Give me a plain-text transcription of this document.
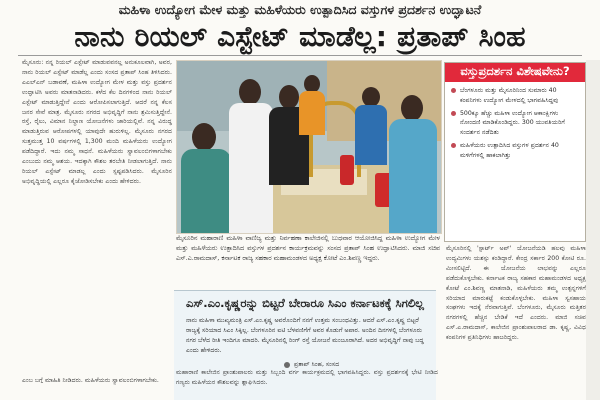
ಮಹಿಳಾ ಉದ್ಯೋಗ ಮೇಳ ಮತ್ತು ಮಹಿಳೆಯರು ಉತ್ಪಾದಿಸಿದ ವಸ್ತುಗಳ ಪ್ರದರ್ಶನ ಉದ್ಘಾಟನೆ
ನಾನು ರಿಯಲ್ ಎಸ್ಟೇಟ್ ಮಾಡೆಲ್ಲ: ಪ್ರತಾಪ್ ಸಿಂಹ
ಮೈಸೂರು: ನನ್ನ ರಿಯಲ್ ಎಸ್ಟೇಟ್ ಮಾಡುವವನಲ್ಲ ಅನುಕೂಲವಾಗಿ, ಅವರ, ನಾನು ರಿಯಲ್ ಎಸ್ಟೇಟ್ ಮಾಡೆಲ್ಲ ಎಂದು ಸಂಸದ ಪ್ರತಾಪ್ ಸಿಂಹ ತಿಳಿಸಿದರು. ಎಎಲ್‌ಎನ್ ಬಡಾವಣೆ, ಮಹಿಳಾ ಉದ್ಯೋಗ ಮೇಳ ಮತ್ತು ವಸ್ತು ಪ್ರದರ್ಶನ ಉದ್ಘಾಟಿಸಿ ಅವರು ಮಾತನಾಡಿದರು. ಕಳೆದ ಕೆಲ ದಿನಗಳಿಂದ ನಾನು ರಿಯಲ್ ಎಸ್ಟೇಟ್ ಮಾಡುತ್ತಿದ್ದೇನೆ ಎಂದು ಆರೋಪಿಸಲಾಗುತ್ತಿದೆ. ಆದರೆ ನನ್ನ ಕೆಲಸ ಜನರ ಸೇವೆ ಮಾತ್ರ. ಮೈಸೂರು ನಗರದ ಅಭಿವೃದ್ಧಿಗೆ ನಾನು ಶ್ರಮಿಸುತ್ತಿದ್ದೇನೆ. ರಸ್ತೆ, ರೈಲು, ವಿಮಾನ ನಿಲ್ದಾಣ ಯೋಜನೆಗಳು ಜಾರಿಯಲ್ಲಿವೆ. ನನ್ನ ವಿರುದ್ಧ ಮಾಡುತ್ತಿರುವ ಆರೋಪಗಳಲ್ಲಿ ಯಾವುದೇ ಹುರುಳಿಲ್ಲ. ಮೈಸೂರು ನಗರದ ಸುತ್ತಮುತ್ತ 10 ವರ್ಷಗಳಲ್ಲಿ 1,300 ಮಂದಿ ಮಹಿಳೆಯರು ಉದ್ಯೋಗ ಪಡೆದಿದ್ದಾರೆ. ಇದು ನಮ್ಮ ಸಾಧನೆ. ಮಹಿಳೆಯರು ಸ್ವಾವಲಂಬಿಗಳಾಗಬೇಕು ಎಂಬುದು ನಮ್ಮ ಆಶಯ. ಇದಕ್ಕಾಗಿ ಕೌಶಲ ತರಬೇತಿ ನೀಡಲಾಗುತ್ತಿದೆ. ನಾನು ರಿಯಲ್ ಎಸ್ಟೇಟ್ ಮಾಡಲ್ಲ ಎಂದು ಸ್ಪಷ್ಟಪಡಿಸಿದರು. ಮೈಸೂರಿನ ಅಭಿವೃದ್ಧಿಯಲ್ಲಿ ಎಲ್ಲರೂ ಕೈಜೋಡಿಸಬೇಕು ಎಂದು ಹೇಳಿದರು.
ಎಂಬ ಬಗ್ಗೆ ಮಾಹಿತಿ ನೀಡಿದರು. ಮಹಿಳೆಯರು ಸ್ವಾವಲಂಬಿಗಳಾಗಬೇಕು.
ಮೈಸೂರಿನ ಮಹಾರಾಣಿ ಮಹಿಳಾ ವಾಣಿಜ್ಯ ಮತ್ತು ನಿರ್ವಹಣಾ ಕಾಲೇಜಿನಲ್ಲಿ ಬುಧವಾರ ಆಯೋಜಿಸಿದ್ದ ಮಹಿಳಾ ಉದ್ಯೋಗ ಮೇಳ ಮತ್ತು ಮಹಿಳೆಯರು ಉತ್ಪಾದಿಸಿದ ವಸ್ತುಗಳ ಪ್ರದರ್ಶನ ಕಾರ್ಯಕ್ರಮವನ್ನು ಸಂಸದ ಪ್ರತಾಪ್ ಸಿಂಹ ಉದ್ಘಾಟಿಸಿದರು. ಮಾಜಿ ಸಚಿವ ಎಸ್.ಎ.ರಾಮದಾಸ್, ಕರ್ನಾಟಕ ರಾಜ್ಯ ಸಹಕಾರ ಮಹಾಮಂಡಳದ ಅಧ್ಯಕ್ಷ ಕೋಟೆ ಎಂ.ಶಿವಣ್ಣ ಇದ್ದರು.
ವಸ್ತುಪ್ರದರ್ಶನ ವಿಶೇಷವೇನು?
ಬೆಂಗಳೂರು ಮತ್ತು ಮೈಸೂರಿನಿಂದ ಸುಮಾರು 40 ಕಂಪನಿಗಳು ಉದ್ಯೋಗ ಮೇಳದಲ್ಲಿ ಭಾಗವಹಿಸಿದ್ದವು
500ಕ್ಕೂ ಹೆಚ್ಚು ಮಹಿಳಾ ಉದ್ಯೋಗ ಆಕಾಂಕ್ಷಿಗಳು ನೋಂದಣಿ ಮಾಡಿಕೊಂಡಿದ್ದರು. 300 ಯುವತಿಯರಿಗೆ ಸಂದರ್ಶನ ನಡೆದಿತು
ಮಹಿಳೆಯರು ಉತ್ಪಾದಿಸಿದ ವಸ್ತುಗಳ ಪ್ರದರ್ಶನ 40 ಮಳಿಗೆಗಳಲ್ಲಿ ಹಾಕಲಾಗಿತ್ತು
ಎಸ್.ಎಂ.ಕೃಷ್ಣರನ್ನು ಬಿಟ್ಟರೆ ಬೇರಾರೂ ಸಿಎಂ ಕರ್ನಾಟಕಕ್ಕೆ ಸಿಗಲಿಲ್ಲ
ನಾನು ಮಹಿಳಾ ಮುಖ್ಯಮಂತ್ರಿ ಎಸ್.ಎಂ.ಕೃಷ್ಣ ಅವರೊಂದಿಗೆ ನನಗೆ ಉತ್ತಮ ಸಂಬಂಧವಿತ್ತು. ಆದರೆ ಎಸ್.ಎಂ.ಕೃಷ್ಣ ಬಿಟ್ಟರೆ ರಾಜ್ಯಕ್ಕೆ ಸರಿಯಾದ ಸಿಎಂ ಸಿಕ್ಕಿಲ್ಲ. ಬೆಂಗಳೂರಿನ ಐಟಿ ಬೆಳವಣಿಗೆಗೆ ಅವರ ಕೊಡುಗೆ ಅಪಾರ. ಅಂದಿನ ದಿನಗಳಲ್ಲಿ ಬೆಂಗಳೂರು ನಗರ ಬೆಳೆದ ರೀತಿ ಇಂದಿಗೂ ಮಾದರಿ. ಮೈಸೂರಿನಲ್ಲಿ ರಿಂಗ್ ರಸ್ತೆ ಯೋಜನೆ ಮಂಜೂರಾಗಿದೆ. ಅದರ ಅಭಿವೃದ್ಧಿಗೆ ನಾವು ಬದ್ಧ ಎಂದು ಹೇಳಿದರು.
ಪ್ರತಾಪ್ ಸಿಂಹ, ಸಂಸದ
ಮಹಾರಾಣಿ ಕಾಲೇಜಿನ ಪ್ರಾಂಶುಪಾಲರು ಮತ್ತು ಸಿಬ್ಬಂದಿ ವರ್ಗ ಕಾರ್ಯಕ್ರಮದಲ್ಲಿ ಭಾಗವಹಿಸಿದ್ದರು. ವಸ್ತು ಪ್ರದರ್ಶನಕ್ಕೆ ಭೇಟಿ ನೀಡಿದ ಗಣ್ಯರು ಮಹಿಳೆಯರ ಕೌಶಲವನ್ನು ಶ್ಲಾಘಿಸಿದರು.
ಮೈಸೂರಿನಲ್ಲಿ 'ಸ್ಟಾರ್ಟ್ ಅಪ್' ಯೋಜನೆಯಡಿ ಹಲವು ಮಹಿಳಾ ಉದ್ಯಮಿಗಳು ಯಶಸ್ಸು ಕಂಡಿದ್ದಾರೆ. ಕೇಂದ್ರ ಸರ್ಕಾರ 200 ಕೋಟಿ ರೂ. ಮೀಸಲಿಟ್ಟಿದೆ. ಈ ಯೋಜನೆಯ ಲಾಭವನ್ನು ಎಲ್ಲರೂ ಪಡೆದುಕೊಳ್ಳಬೇಕು. ಕರ್ನಾಟಕ ರಾಜ್ಯ ಸಹಕಾರ ಮಹಾಮಂಡಳದ ಅಧ್ಯಕ್ಷ ಕೋಟೆ ಎಂ.ಶಿವಣ್ಣ ಮಾತನಾಡಿ, ಮಹಿಳೆಯರು ತಮ್ಮ ಉತ್ಪನ್ನಗಳಿಗೆ ಸರಿಯಾದ ಮಾರುಕಟ್ಟೆ ಕಂಡುಕೊಳ್ಳಬೇಕು. ಮಹಿಳಾ ಸ್ವಸಹಾಯ ಸಂಘಗಳು ಇದಕ್ಕೆ ನೆರವಾಗುತ್ತಿವೆ. ಬೆಂಗಳೂರು, ಮೈಸೂರು ಮತ್ತಿತರ ನಗರಗಳಲ್ಲಿ ಹೆಚ್ಚಿನ ಬೇಡಿಕೆ ಇದೆ ಎಂದರು. ಮಾಜಿ ಸಚಿವ ಎಸ್.ಎ.ರಾಮದಾಸ್, ಕಾಲೇಜಿನ ಪ್ರಾಂಶುಪಾಲರಾದ ಡಾ. ಕೃಷ್ಣ, ವಿವಿಧ ಕಂಪನಿಗಳ ಪ್ರತಿನಿಧಿಗಳು ಹಾಜರಿದ್ದರು.
